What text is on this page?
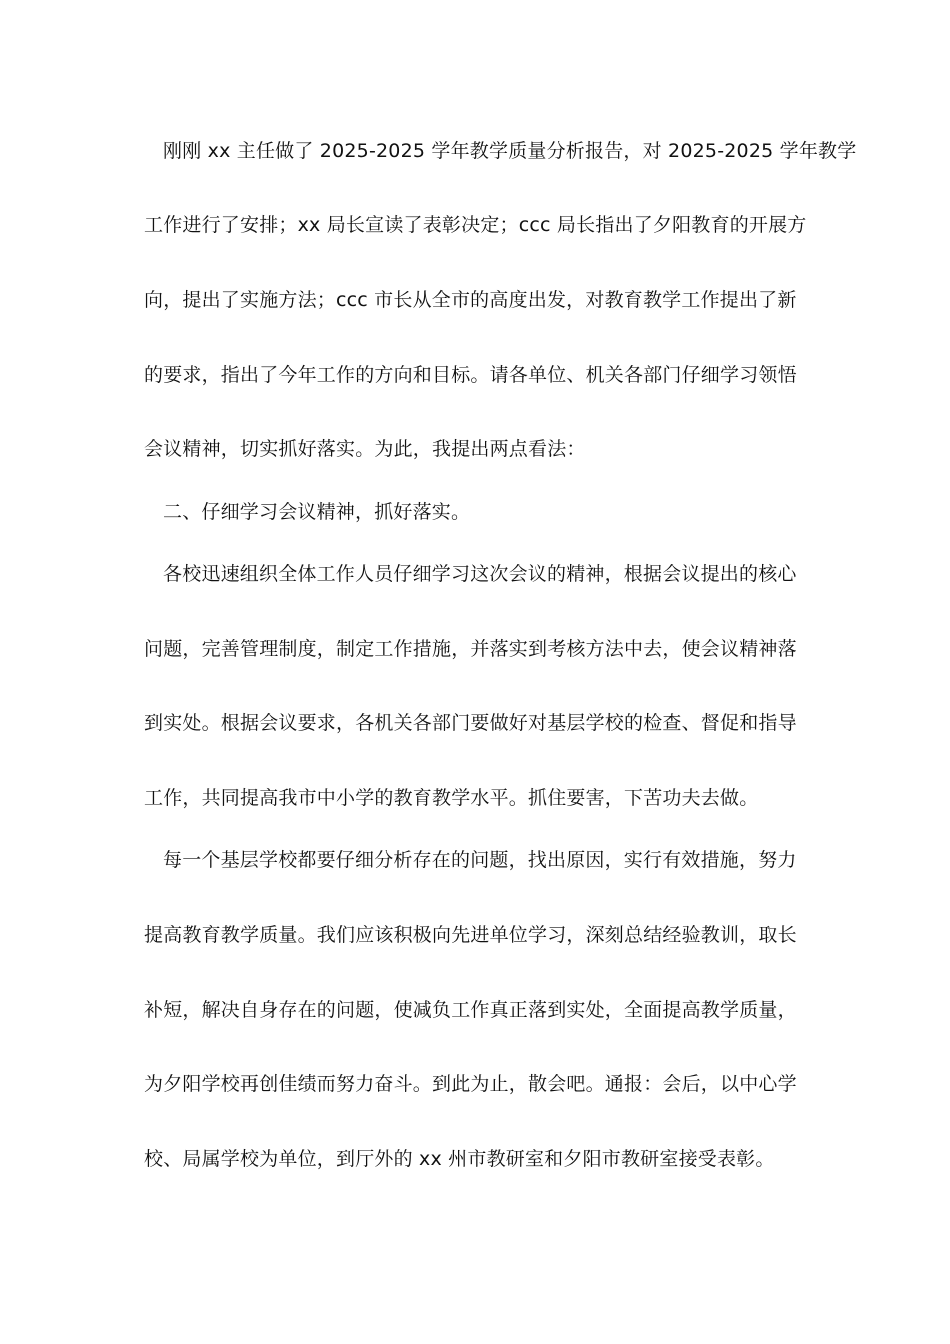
刚刚 xx 主任做了 2025-2025 学年教学质量分析报告，对 2025-2025 学年教学
工作进行了安排；xx 局长宣读了表彰决定；ccc 局长指出了夕阳教育的开展方
向，提出了实施方法；ccc 市长从全市的高度出发，对教育教学工作提出了新
的要求，指出了今年工作的方向和目标。请各单位、机关各部门仔细学习领悟
会议精神，切实抓好落实。为此，我提出两点看法：
二、仔细学习会议精神，抓好落实。
各校迅速组织全体工作人员仔细学习这次会议的精神，根据会议提出的核心
问题，完善管理制度，制定工作措施，并落实到考核方法中去，使会议精神落
到实处。根据会议要求，各机关各部门要做好对基层学校的检查、督促和指导
工作，共同提高我市中小学的教育教学水平。抓住要害，下苦功夫去做。
每一个基层学校都要仔细分析存在的问题，找出原因，实行有效措施，努力
提高教育教学质量。我们应该积极向先进单位学习，深刻总结经验教训，取长
补短，解决自身存在的问题，使减负工作真正落到实处，全面提高教学质量，
为夕阳学校再创佳绩而努力奋斗。到此为止，散会吧。通报：会后，以中心学
校、局属学校为单位，到厅外的 xx 州市教研室和夕阳市教研室接受表彰。
